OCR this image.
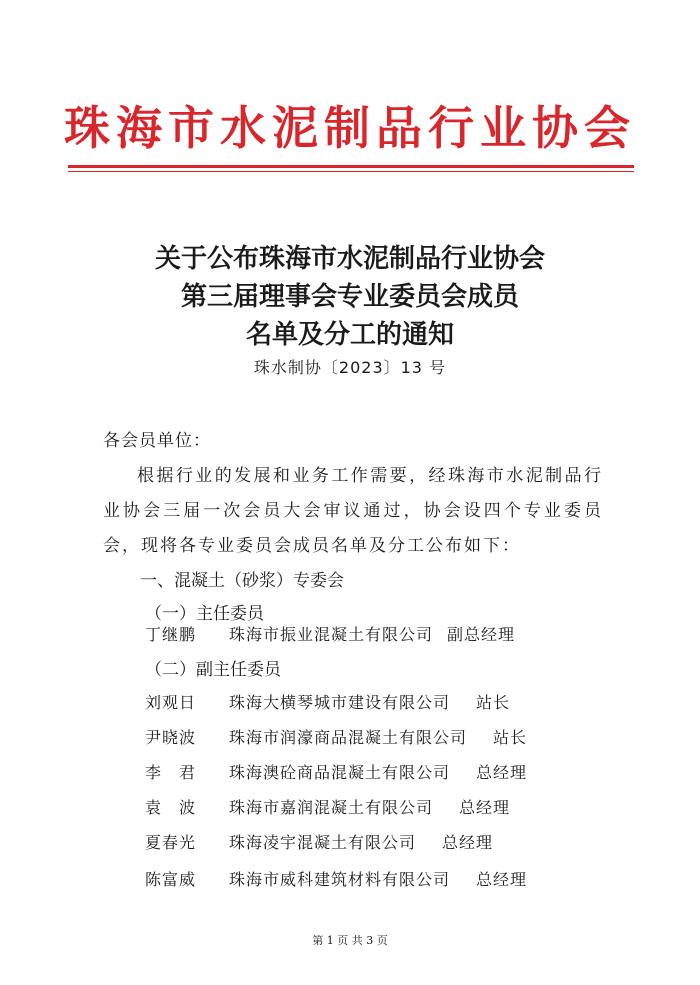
珠海市水泥制品行业协会
关于公布珠海市水泥制品行业协会
第三届理事会专业委员会成员
名单及分工的通知
珠水制协〔2023〕13 号
各会员单位：
根据行业的发展和业务工作需要，经珠海市水泥制品行业协会三届一次会员大会审议通过，协会设四个专业委员会，现将各专业委员会成员名单及分工公布如下：
一、混凝土（砂浆）专委会
（一）主任委员
丁继鹏 珠海市振业混凝土有限公司 副总经理
（二）副主任委员
刘观日 珠海大横琴城市建设有限公司 站长
尹晓波 珠海市润濠商品混凝土有限公司 站长
李　君 珠海澳砼商品混凝土有限公司 总经理
袁　波 珠海市嘉润混凝土有限公司 总经理
夏春光 珠海凌宇混凝土有限公司 总经理
陈富威 珠海市威科建筑材料有限公司 总经理
第 1 页 共 3 页
